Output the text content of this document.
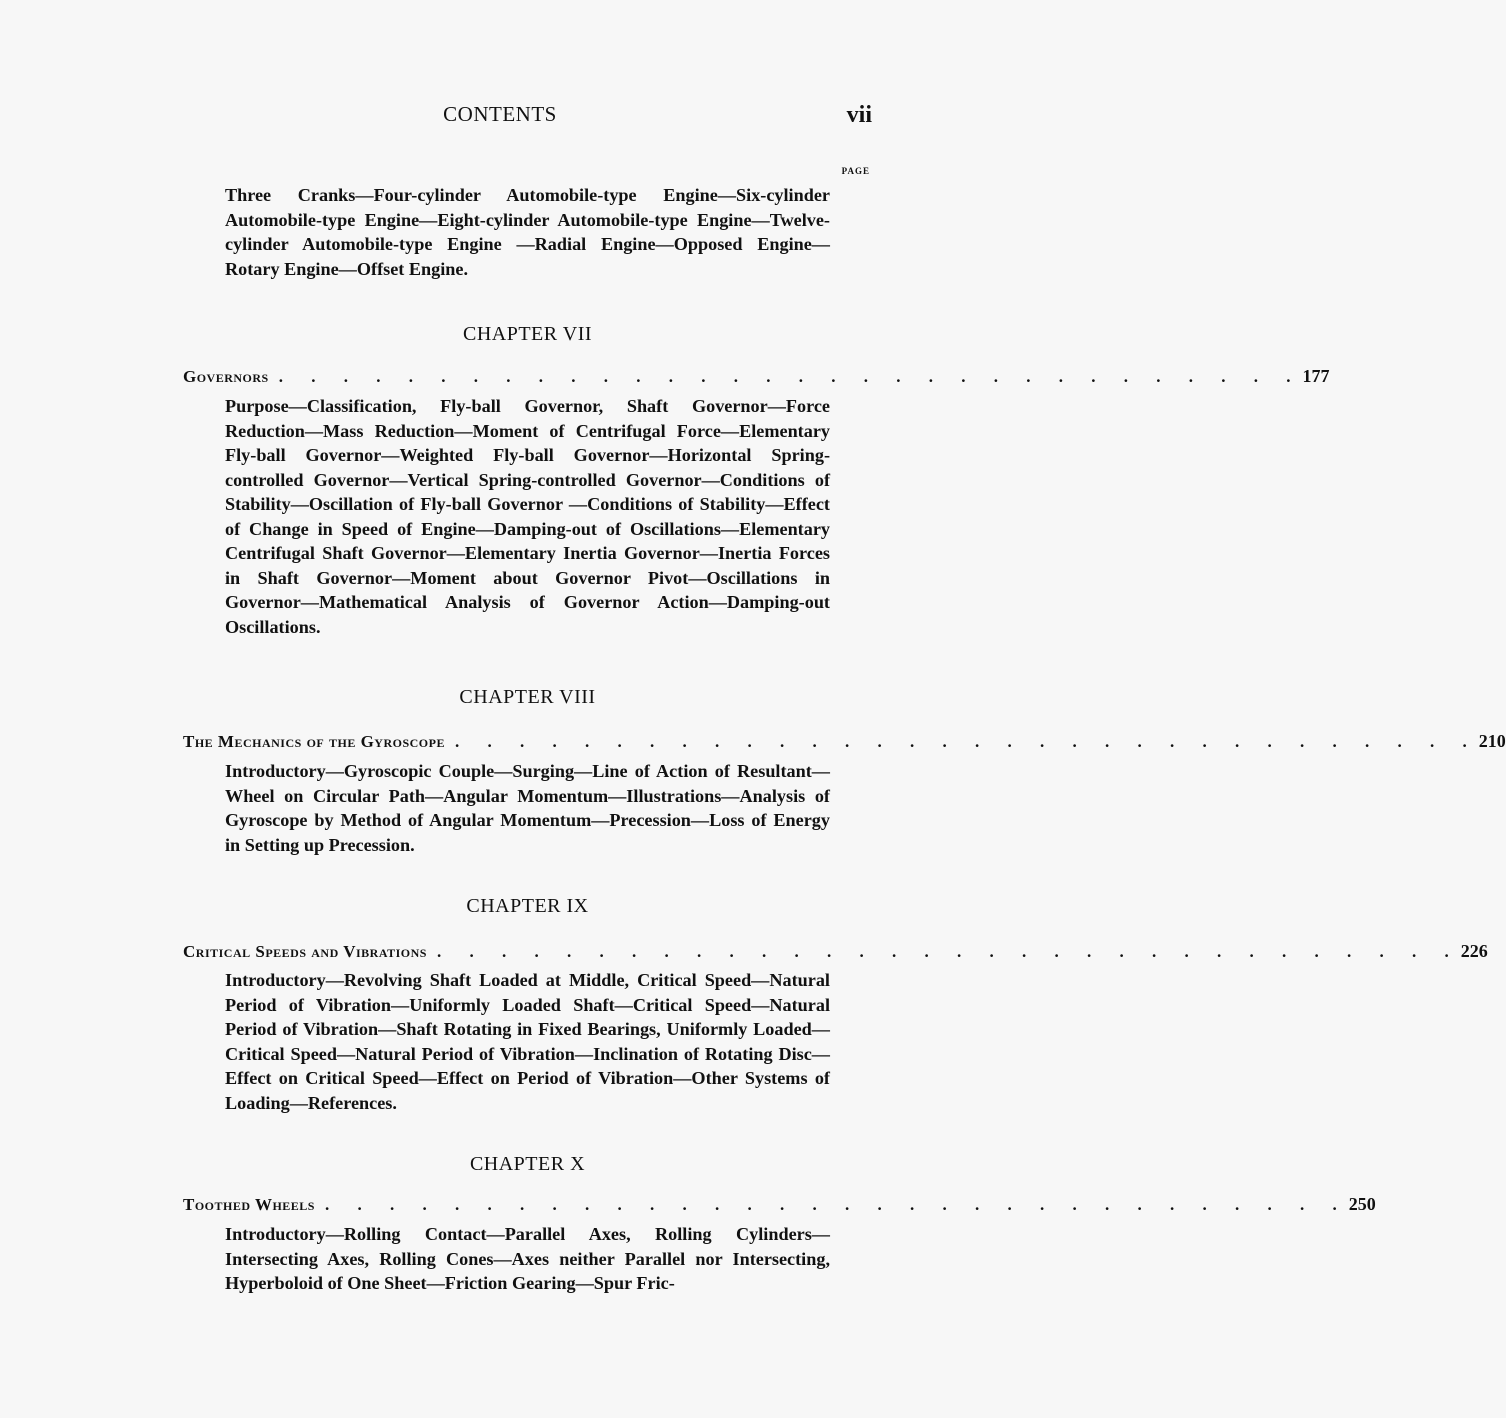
CONTENTS	vii
PAGE
Three Cranks—Four-cylinder Automobile-type Engine—Six-cylinder Automobile-type Engine—Eight-cylinder Automobile-type Engine—Twelve-cylinder Automobile-type Engine —Radial Engine—Opposed Engine—Rotary Engine—Offset Engine.
CHAPTER VII
Governors . . . . . . . . . . . . . . . . . . . . . . . . . . . . . . . . 177
Purpose—Classification, Fly-ball Governor, Shaft Governor—Force Reduction—Mass Reduction—Moment of Centrifugal Force—Elementary Fly-ball Governor—Weighted Fly-ball Governor—Horizontal Spring-controlled Governor—Vertical Spring-controlled Governor—Conditions of Stability—Oscillation of Fly-ball Governor —Conditions of Stability—Effect of Change in Speed of Engine—Damping-out of Oscillations—Elementary Centrifugal Shaft Governor—Elementary Inertia Governor—Inertia Forces in Shaft Governor—Moment about Governor Pivot—Oscillations in Governor—Mathematical Analysis of Governor Action—Damping-out Oscillations.
CHAPTER VIII
The Mechanics of the Gyroscope . . . . . . . . . . . . . . . . . . . . . . . . . . . . . . . . 210
Introductory—Gyroscopic Couple—Surging—Line of Action of Resultant—Wheel on Circular Path—Angular Momentum—Illustrations—Analysis of Gyroscope by Method of Angular Momentum—Precession—Loss of Energy in Setting up Precession.
CHAPTER IX
Critical Speeds and Vibrations . . . . . . . . . . . . . . . . . . . . . . . . . . . . . . . . 226
Introductory—Revolving Shaft Loaded at Middle, Critical Speed—Natural Period of Vibration—Uniformly Loaded Shaft—Critical Speed—Natural Period of Vibration—Shaft Rotating in Fixed Bearings, Uniformly Loaded—Critical Speed—Natural Period of Vibration—Inclination of Rotating Disc—Effect on Critical Speed—Effect on Period of Vibration—Other Systems of Loading—References.
CHAPTER X
Toothed Wheels . . . . . . . . . . . . . . . . . . . . . . . . . . . . . . . . 250
Introductory—Rolling Contact—Parallel Axes, Rolling Cylinders—Intersecting Axes, Rolling Cones—Axes neither Parallel nor Intersecting, Hyperboloid of One Sheet—Friction Gearing—Spur Fric-
